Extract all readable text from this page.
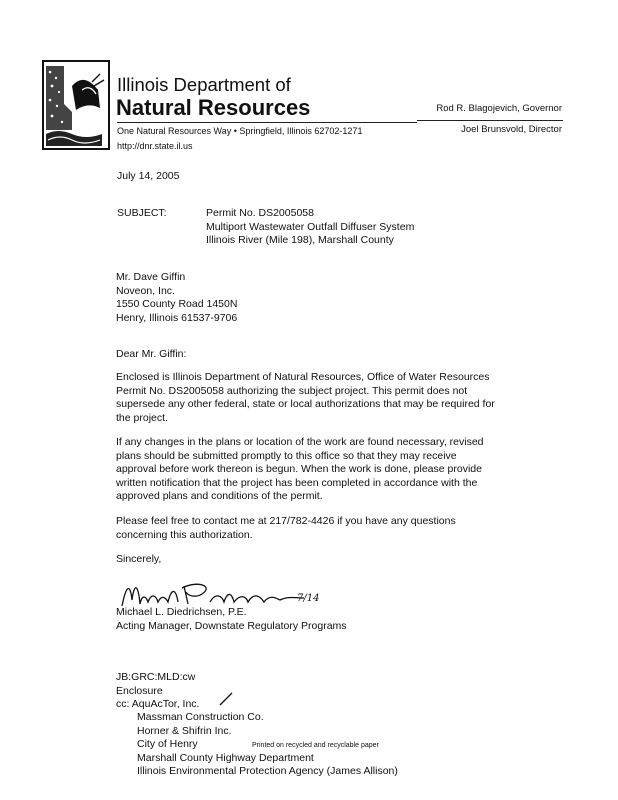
Illinois Department of
Natural Resources
One Natural Resources Way • Springfield, Illinois 62702-1271
http://dnr.state.il.us
Rod R. Blagojevich, Governor
Joel Brunsvold, Director
July 14, 2005
SUBJECT:	Permit No. DS2005058
Multiport Wastewater Outfall Diffuser System
Illinois River (Mile 198), Marshall County
Mr. Dave Giffin
Noveon, Inc.
1550 County Road 1450N
Henry, Illinois 61537-9706
Dear Mr. Giffin:
Enclosed is Illinois Department of Natural Resources, Office of Water Resources
Permit No. DS2005058 authorizing the subject project. This permit does not
supersede any other federal, state or local authorizations that may be required for
the project.
If any changes in the plans or location of the work are found necessary, revised
plans should be submitted promptly to this office so that they may receive
approval before work thereon is begun. When the work is done, please provide
written notification that the project has been completed in accordance with the
approved plans and conditions of the permit.
Please feel free to contact me at 217/782-4426 if you have any questions
concerning this authorization.
Sincerely,
7/14
Michael L. Diedrichsen, P.E.
Acting Manager, Downstate Regulatory Programs
JB:GRC:MLD:cw
Enclosure
cc: AquAcTor, Inc.
Massman Construction Co.
Horner & Shifrin Inc.
City of Henry
Marshall County Highway Department
Illinois Environmental Protection Agency (James Allison)
Printed on recycled and recyclable paper
